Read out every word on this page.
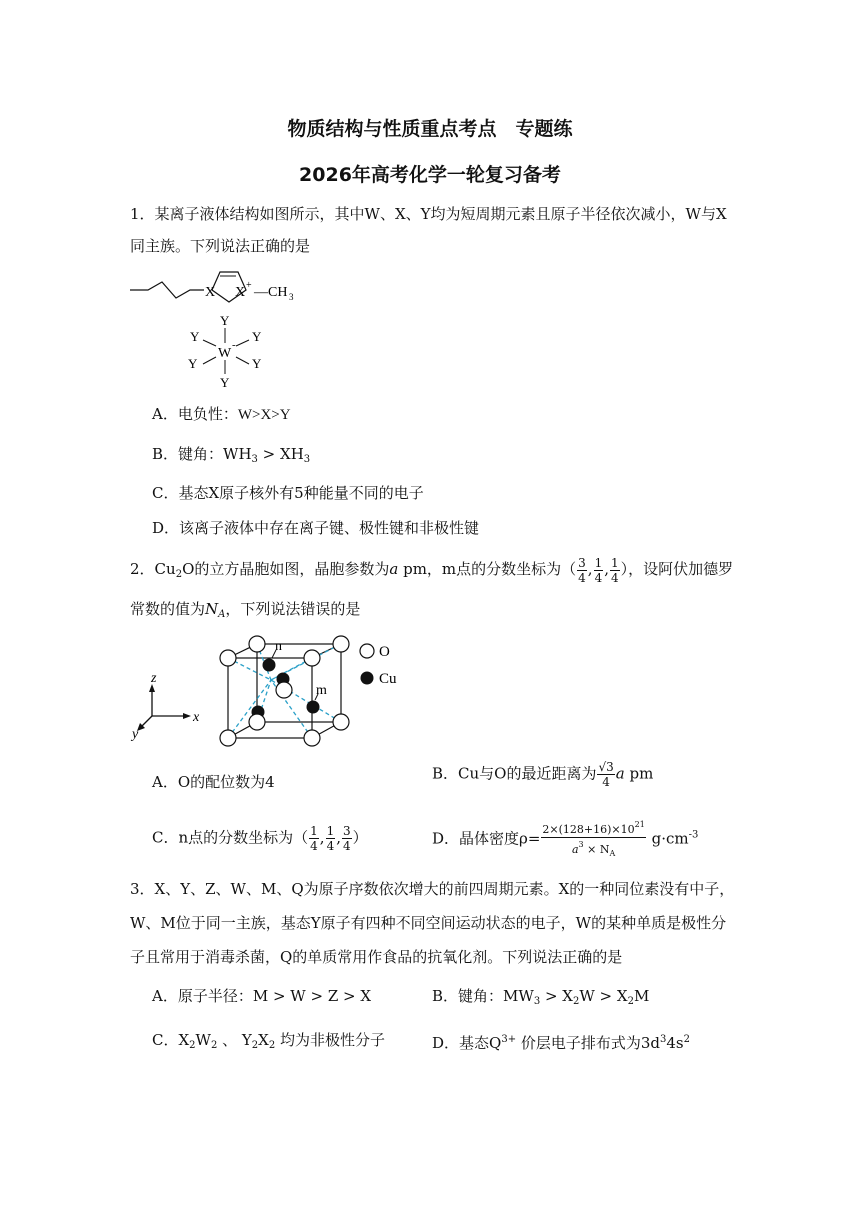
物质结构与性质重点考点　专题练
2026年高考化学一轮复习备考
1．某离子液体结构如图所示，其中W、X、Y均为短周期元素且原子半径依次减小，W与X同主族。下列说法正确的是
X X + —CH 3
Y
Y	Y
W
-
Y	Y
Y
A．电负性：W>X>Y
B．键角：$WH_3 > XH_3$
C．基态X原子核外有5种能量不同的电子
D．该离子液体中存在离子键、极性键和非极性键
2．$Cu_2O$的立方晶胞如图，晶胞参数为a pm，m点的分数坐标为（ $\frac{3}{4}$ , $\frac{1}{4}$ , $\frac{1}{4}$ ），设阿伏加德罗常数的值为$N_A$，下列说法错误的是
z
x
y
n
m
O
Cu
A．O的配位数为4	B．Cu与O的最近距离为 $\frac{√3}{4}$ a pm
C．n点的分数坐标为（ $\frac{1}{4}$ , $\frac{1}{4}$ , $\frac{3}{4}$ ）	D．晶体密度$\rho= \frac{2\times(128+16)\times 10^{21}}{a^3 \times N_A} g\cdot cm^{-3}$
3．X、Y、Z、W、M、Q为原子序数依次增大的前四周期元素。X的一种同位素没有中子，W、M位于同一主族，基态Y原子有四种不同空间运动状态的电子，W的某种单质是极性分子且常用于消毒杀菌，Q的单质常用作食品的抗氧化剂。下列说法正确的是
A．原子半径：M > W > Z > X	B．键角：$MW_3 > X_2W > X_2M$
C．$X_2W_2$ 、 $Y_2X_2$ 均为非极性分子	D．基态$Q^{3+}$ 价层电子排布式为$3d^34s^2$
